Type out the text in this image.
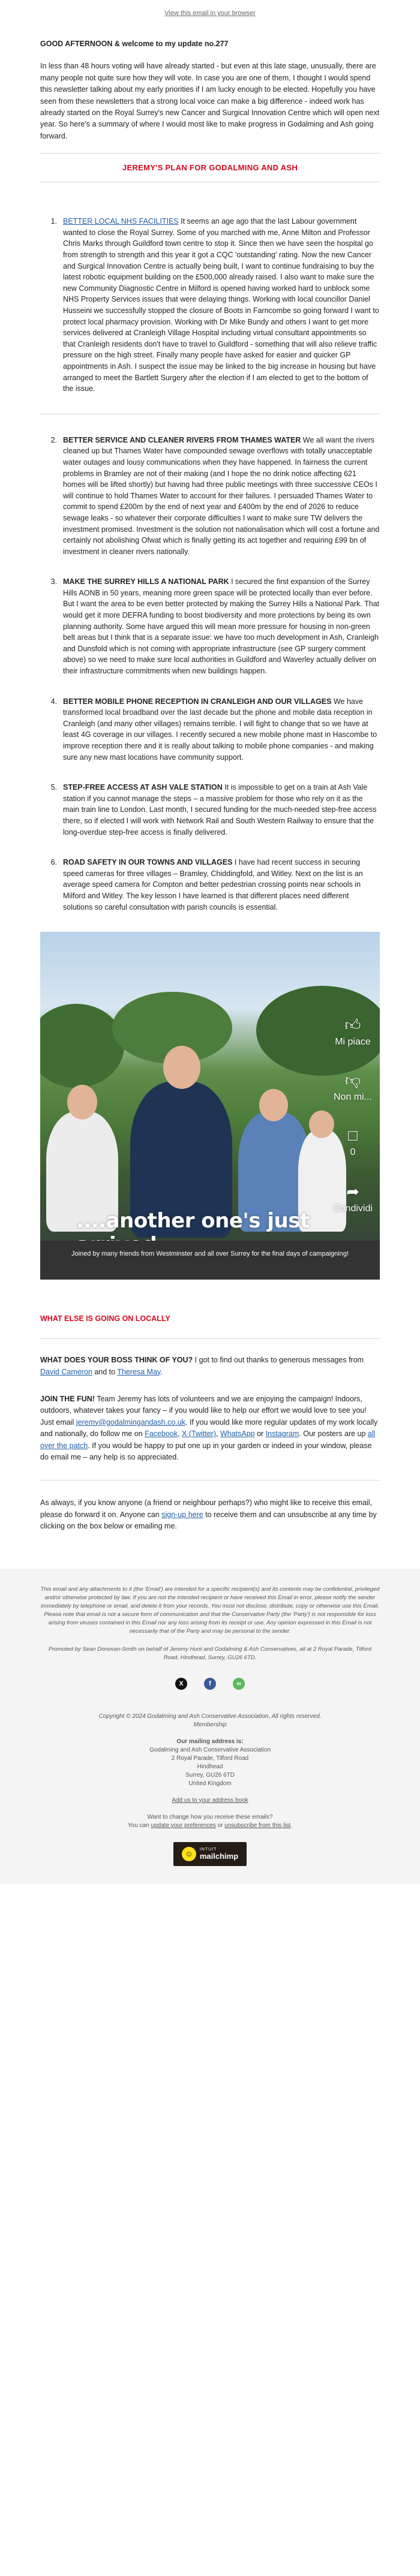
View this email in your browser

GOOD AFTERNOON & welcome to my update no.277

In less than 48 hours voting will have already started - but even at this late stage, unusually, there are many people not quite sure how they will vote. In case you are one of them, I thought I would spend this newsletter talking about my early priorities if I am lucky enough to be elected. Hopefully you have seen from these newsletters that a strong local voice can make a big difference - indeed work has already started on the Royal Surrey's new Cancer and Surgical Innovation Centre which will open next year. So here's a summary of where I would most like to make progress in Godalming and Ash going forward.

JEREMY'S PLAN FOR GODALMING AND ASH
1. BETTER LOCAL NHS FACILITIES It seems an age ago that the last Labour government wanted to close the Royal Surrey. Some of you marched with me, Anne Milton and Professor Chris Marks through Guildford town centre to stop it. Since then we have seen the hospital go from strength to strength and this year it got a CQC 'outstanding' rating. Now the new Cancer and Surgical Innovation Centre is actually being built, I want to continue fundraising to buy the latest robotic equipment building on the £500,000 already raised. I also want to make sure the new Community Diagnostic Centre in Milford is opened having worked hard to unblock some NHS Property Services issues that were delaying things. Working with local councillor Daniel Husseini we successfully stopped the closure of Boots in Farncombe so going forward I want to protect local pharmacy provision. Working with Dr Mike Bundy and others I want to get more services delivered at Cranleigh Village Hospital including virtual consultant appointments so that Cranleigh residents don't have to travel to Guildford - something that will also relieve traffic pressure on the high street. Finally many people have asked for easier and quicker GP appointments in Ash. I suspect the issue may be linked to the big increase in housing but have arranged to meet the Bartlett Surgery after the election if I am elected to get to the bottom of the issue.
2. BETTER SERVICE AND CLEANER RIVERS FROM THAMES WATER We all want the rivers cleaned up but Thames Water have compounded sewage overflows with totally unacceptable water outages and lousy communications when they have happened. In fairness the current problems in Bramley are not of their making (and I hope the no drink notice affecting 621 homes will be lifted shortly) but having had three public meetings with three successive CEOs I will continue to hold Thames Water to account for their failures. I persuaded Thames Water to commit to spend £200m by the end of next year and £400m by the end of 2026 to reduce sewage leaks - so whatever their corporate difficulties I want to make sure TW delivers the investment promised. Investment is the solution not nationalisation which will cost a fortune and certainly not abolishing Ofwat which is finally getting its act together and requiring £99 bn of investment in cleaner rivers nationally.
3. MAKE THE SURREY HILLS A NATIONAL PARK I secured the first expansion of the Surrey Hills AONB in 50 years, meaning more green space will be protected locally than ever before. But I want the area to be even better protected by making the Surrey Hills a National Park. That would get it more DEFRA funding to boost biodiversity and more protections by being its own planning authority. Some have argued this will mean more pressure for housing in non-green belt areas but I think that is a separate issue: we have too much development in Ash, Cranleigh and Dunsfold which is not coming with appropriate infrastructure (see GP surgery comment above) so we need to make sure local authorities in Guildford and Waverley actually deliver on their infrastructure commitments when new buildings happen.
4. BETTER MOBILE PHONE RECEPTION IN CRANLEIGH AND OUR VILLAGES We have transformed local broadband over the last decade but the phone and mobile data reception in Cranleigh (and many other villages) remains terrible. I will fight to change that so we have at least 4G coverage in our villages. I recently secured a new mobile phone mast in Hascombe to improve reception there and it is really about talking to mobile phone companies - and making sure any new mast locations have community support.
5. STEP-FREE ACCESS AT ASH VALE STATION It is impossible to get on a train at Ash Vale station if you cannot manage the steps – a massive problem for those who rely on it as the main train line to London. Last month, I secured funding for the much-needed step-free access there, so if elected I will work with Network Rail and South Western Railway to ensure that the long-overdue step-free access is finally delivered.
6. ROAD SAFETY IN OUR TOWNS AND VILLAGES I have had recent success in securing speed cameras for three villages – Bramley, Chiddingfold, and Witley. Next on the list is an average speed camera for Compton and better pedestrian crossing points near schools in Milford and Witley. The key lesson I have learned is that different places need different solutions so careful consultation with parish councils is essential.
👍︎
Mi piace
👎︎
Non mi...
□
0
➦
Condividi
....another one's just
Joined by many friends from Westminster and all over Surrey for the final days of campaigning!
WHAT ELSE IS GOING ON LOCALLY

WHAT DOES YOUR BOSS THINK OF YOU? I got to find out thanks to generous messages from David Cameron and to Theresa May.

JOIN THE FUN! Team Jeremy has lots of volunteers and we are enjoying the campaign! Indoors, outdoors, whatever takes your fancy – if you would like to help our effort we would love to see you! Just email jeremy@godalmingandash.co.uk. If you would like more regular updates of my work locally and nationally, do follow me on Facebook, X (Twitter), WhatsApp or Instagram. Our posters are up all over the patch. If you would be happy to put one up in your garden or indeed in your window, please do email me – any help is so appreciated.

As always, if you know anyone (a friend or neighbour perhaps?) who might like to receive this email, please do forward it on. Anyone can sign-up here to receive them and can unsubscribe at any time by clicking on the box below or emailing me.

This email and any attachments to it (the 'Email') are intended for a specific recipient(s) and its contents may be confidential, privileged and/or otherwise protected by law. If you are not the intended recipient or have received this Email in error, please notify the sender immediately by telephone or email, and delete it from your records. You must not disclose, distribute, copy or otherwise use this Email. Please note that email is not a secure form of communication and that the Conservative Party (the 'Party') is not responsible for loss arising from viruses contained in this Email nor any loss arising from its receipt or use. Any opinion expressed in this Email is not necessarily that of the Party and may be personal to the sender.

Promoted by Sean Donovan-Smith on behalf of Jeremy Hunt and Godalming & Ash Conservatives, all at 2 Royal Parade, Tilford Road, Hindhead, Surrey, GU26 6TD.

X	f	∞

Copyright © 2024 Godalming and Ash Conservative Association, All rights reserved.

Membership

Our mailing address is:

Godalming and Ash Conservative Association

2 Royal Parade, Tilford Road

Hindhead

Surrey, GU26 6TD

United Kingdom

Add us to your address book

Want to change how you receive these emails?

You can update your preferences or unsubscribe from this list.

☺	INTUIT
mailchimp
